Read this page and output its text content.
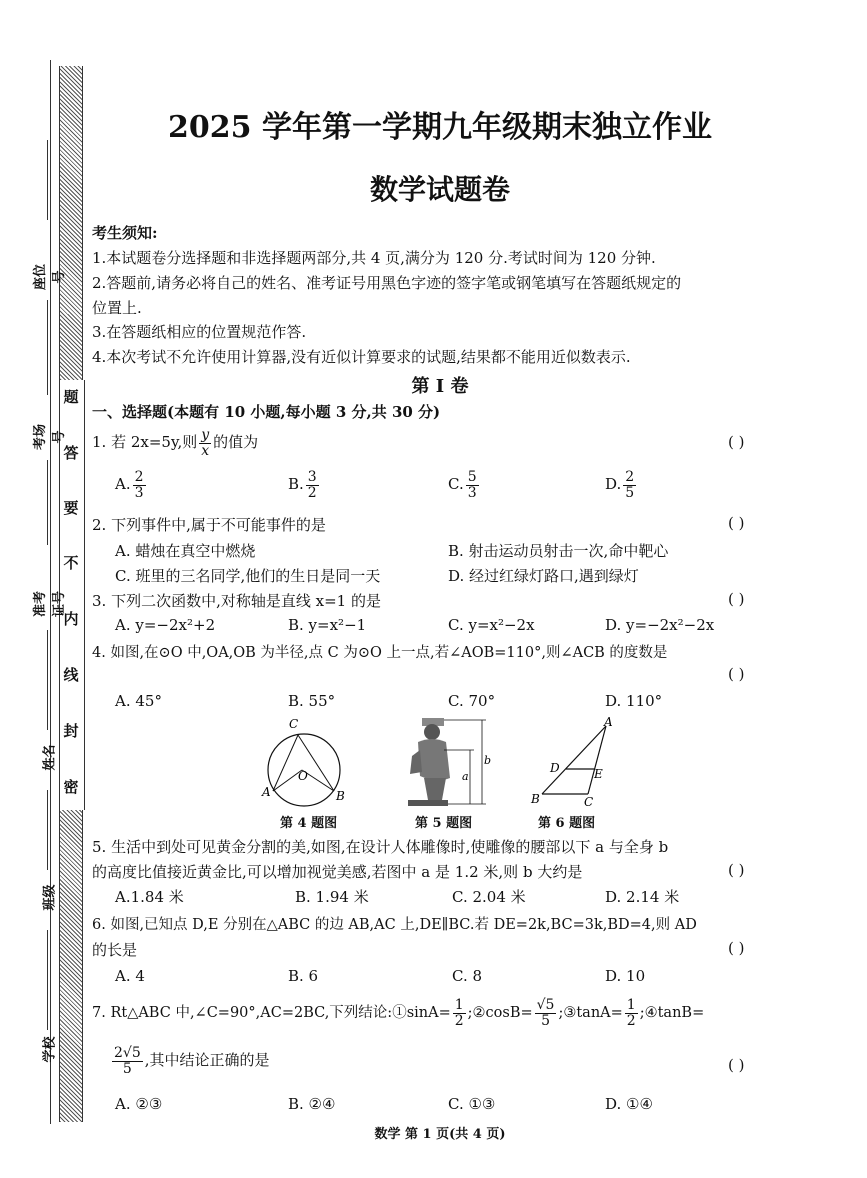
题
答
要
不
内
线
封
密
座位号
考场号
准考证号
姓名
班级
学校
2025 学年第一学期九年级期末独立作业
数学试题卷
考生须知:
1.本试题卷分选择题和非选择题两部分,共 4 页,满分为 120 分.考试时间为 120 分钟.
2.答题前,请务必将自己的姓名、准考证号用黑色字迹的签字笔或钢笔填写在答题纸规定的
位置上.
3.在答题纸相应的位置规范作答.
4.本次考试不允许使用计算器,没有近似计算要求的试题,结果都不能用近似数表示.
第 I 卷
一、选择题(本题有 10 小题,每小题 3 分,共 30 分)
1. 若 2x=5y,则 $\frac{y}{x}$ 的值为	( )
A. $\frac{2}{3}$	B. $\frac{3}{2}$	C. $\frac{5}{3}$	D. $\frac{2}{5}$
2. 下列事件中,属于不可能事件的是	( )
A. 蜡烛在真空中燃烧	B. 射击运动员射击一次,命中靶心
C. 班里的三名同学,他们的生日是同一天	D. 经过红绿灯路口,遇到绿灯
3. 下列二次函数中,对称轴是直线 x=1 的是	( )
A. y=−2x²+2	B. y=x²−1	C. y=x²−2x	D. y=−2x²−2x
4. 如图,在⊙O 中,OA,OB 为半径,点 C 为⊙O 上一点,若∠AOB=110°,则∠ACB 的度数是
( )
A. 45°	B. 55°	C. 70°	D. 110°
C
O
A	B
第 4 题图
a
b
第 5 题图
A
D	E
B	C
第 6 题图
5. 生活中到处可见黄金分割的美,如图,在设计人体雕像时,使雕像的腰部以下 a 与全身 b
的高度比值接近黄金比,可以增加视觉美感,若图中 a 是 1.2 米,则 b 大约是	( )
A.1.84 米	B. 1.94 米	C. 2.04 米	D. 2.14 米
6. 如图,已知点 D,E 分别在△ABC 的边 AB,AC 上,DE∥BC.若 DE=2k,BC=3k,BD=4,则 AD
的长是	( )
A. 4	B. 6	C. 8	D. 10
7. Rt△ABC 中,∠C=90°,AC=2BC,下列结论:①sinA= $\frac{1}{2}$ ;②cosB= $\frac{√5}{5}$ ;③tanA= $\frac{1}{2}$ ;④tanB=
$\frac{2√5}{5}$ ,其中结论正确的是	( )
A. ②③	B. ②④	C. ①③	D. ①④
数学 第 1 页(共 4 页)
